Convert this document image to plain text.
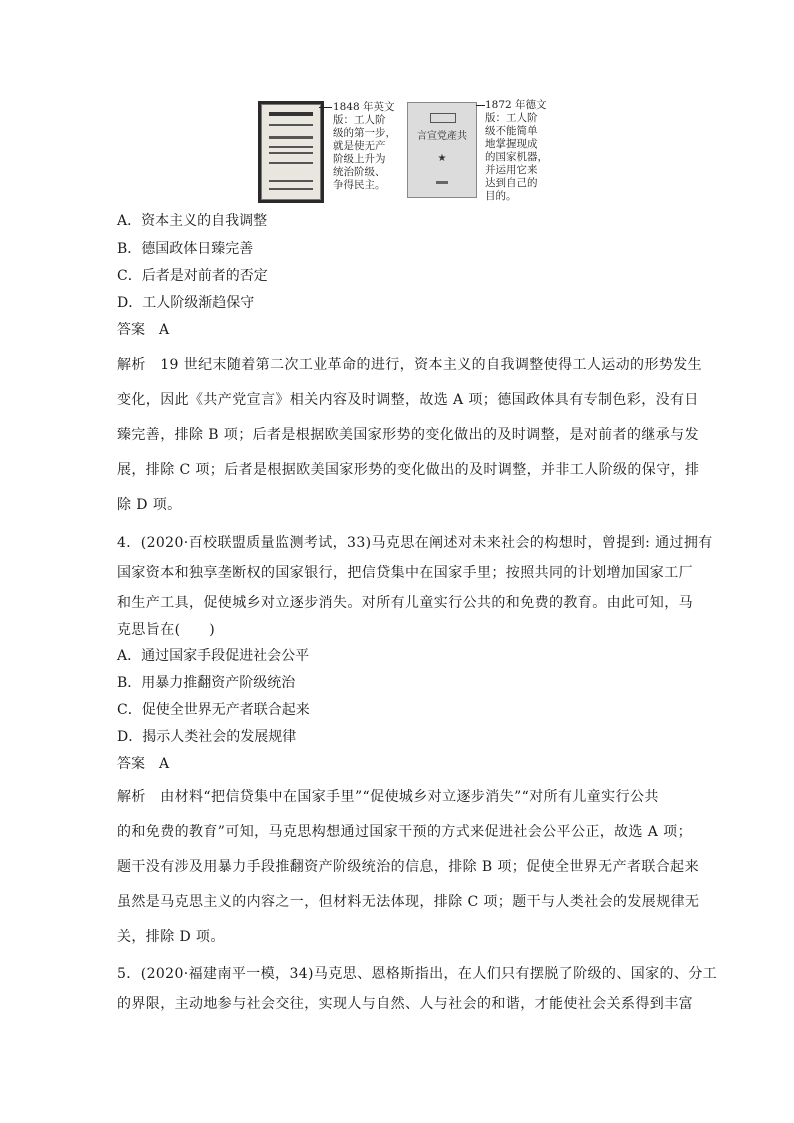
1848 年英文
版：工人阶
级的第一步，
就是使无产
阶级上升为
统治阶级、
争得民主。
言宣党產共
★
1872 年德文
版：工人阶
级不能简单
地掌握现成
的国家机器，
并运用它来
达到自己的
目的。
A．资本主义的自我调整
B．德国政体日臻完善
C．后者是对前者的否定
D．工人阶级渐趋保守
答案　A
解析　19 世纪末随着第二次工业革命的进行，资本主义的自我调整使得工人运动的形势发生
变化，因此《共产党宣言》相关内容及时调整，故选 A 项；德国政体具有专制色彩，没有日
臻完善，排除 B 项；后者是根据欧美国家形势的变化做出的及时调整，是对前者的继承与发
展，排除 C 项；后者是根据欧美国家形势的变化做出的及时调整，并非工人阶级的保守，排
除 D 项。
4．(2020·百校联盟质量监测考试，33)马克思在阐述对未来社会的构想时，曾提到: 通过拥有
国家资本和独享垄断权的国家银行，把信贷集中在国家手里；按照共同的计划增加国家工厂
和生产工具，促使城乡对立逐步消失。对所有儿童实行公共的和免费的教育。由此可知，马
克思旨在(　　)
A．通过国家手段促进社会公平
B．用暴力推翻资产阶级统治
C．促使全世界无产者联合起来
D．揭示人类社会的发展规律
答案　A
解析　由材料“把信贷集中在国家手里”“促使城乡对立逐步消失”“对所有儿童实行公共
的和免费的教育”可知，马克思构想通过国家干预的方式来促进社会公平公正，故选 A 项；
题干没有涉及用暴力手段推翻资产阶级统治的信息，排除 B 项；促使全世界无产者联合起来
虽然是马克思主义的内容之一，但材料无法体现，排除 C 项；题干与人类社会的发展规律无
关，排除 D 项。
5．(2020·福建南平一模，34)马克思、恩格斯指出，在人们只有摆脱了阶级的、国家的、分工
的界限，主动地参与社会交往，实现人与自然、人与社会的和谐，才能使社会关系得到丰富
